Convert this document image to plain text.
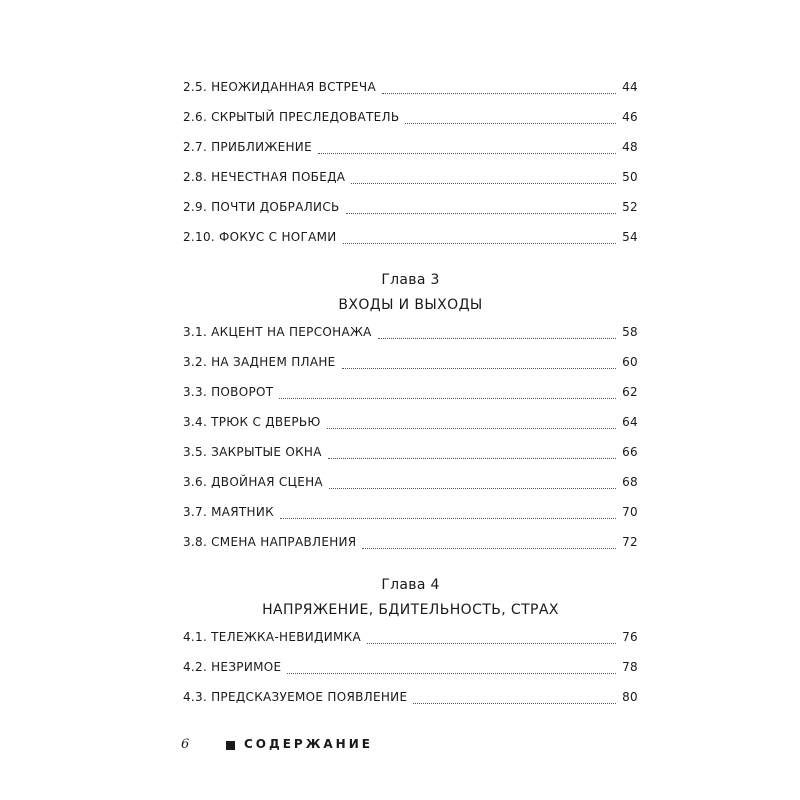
2.5. НЕОЖИДАННАЯ ВСТРЕЧА	44
2.6. СКРЫТЫЙ ПРЕСЛЕДОВАТЕЛЬ	46
2.7. ПРИБЛИЖЕНИЕ	48
2.8. НЕЧЕСТНАЯ ПОБЕДА	50
2.9. ПОЧТИ ДОБРАЛИСЬ	52
2.10. ФОКУС С НОГАМИ	54
Глава 3
ВХОДЫ И ВЫХОДЫ
3.1. АКЦЕНТ НА ПЕРСОНАЖА	58
3.2. НА ЗАДНЕМ ПЛАНЕ	60
3.3. ПОВОРОТ	62
3.4. ТРЮК С ДВЕРЬЮ	64
3.5. ЗАКРЫТЫЕ ОКНА	66
3.6. ДВОЙНАЯ СЦЕНА	68
3.7. МАЯТНИК	70
3.8. СМЕНА НАПРАВЛЕНИЯ	72
Глава 4
НАПРЯЖЕНИЕ, БДИТЕЛЬНОСТЬ, СТРАХ
4.1. ТЕЛЕЖКА-НЕВИДИМКА	76
4.2. НЕЗРИМОЕ	78
4.3. ПРЕДСКАЗУЕМОЕ ПОЯВЛЕНИЕ	80
6	СОДЕРЖАНИЕ
